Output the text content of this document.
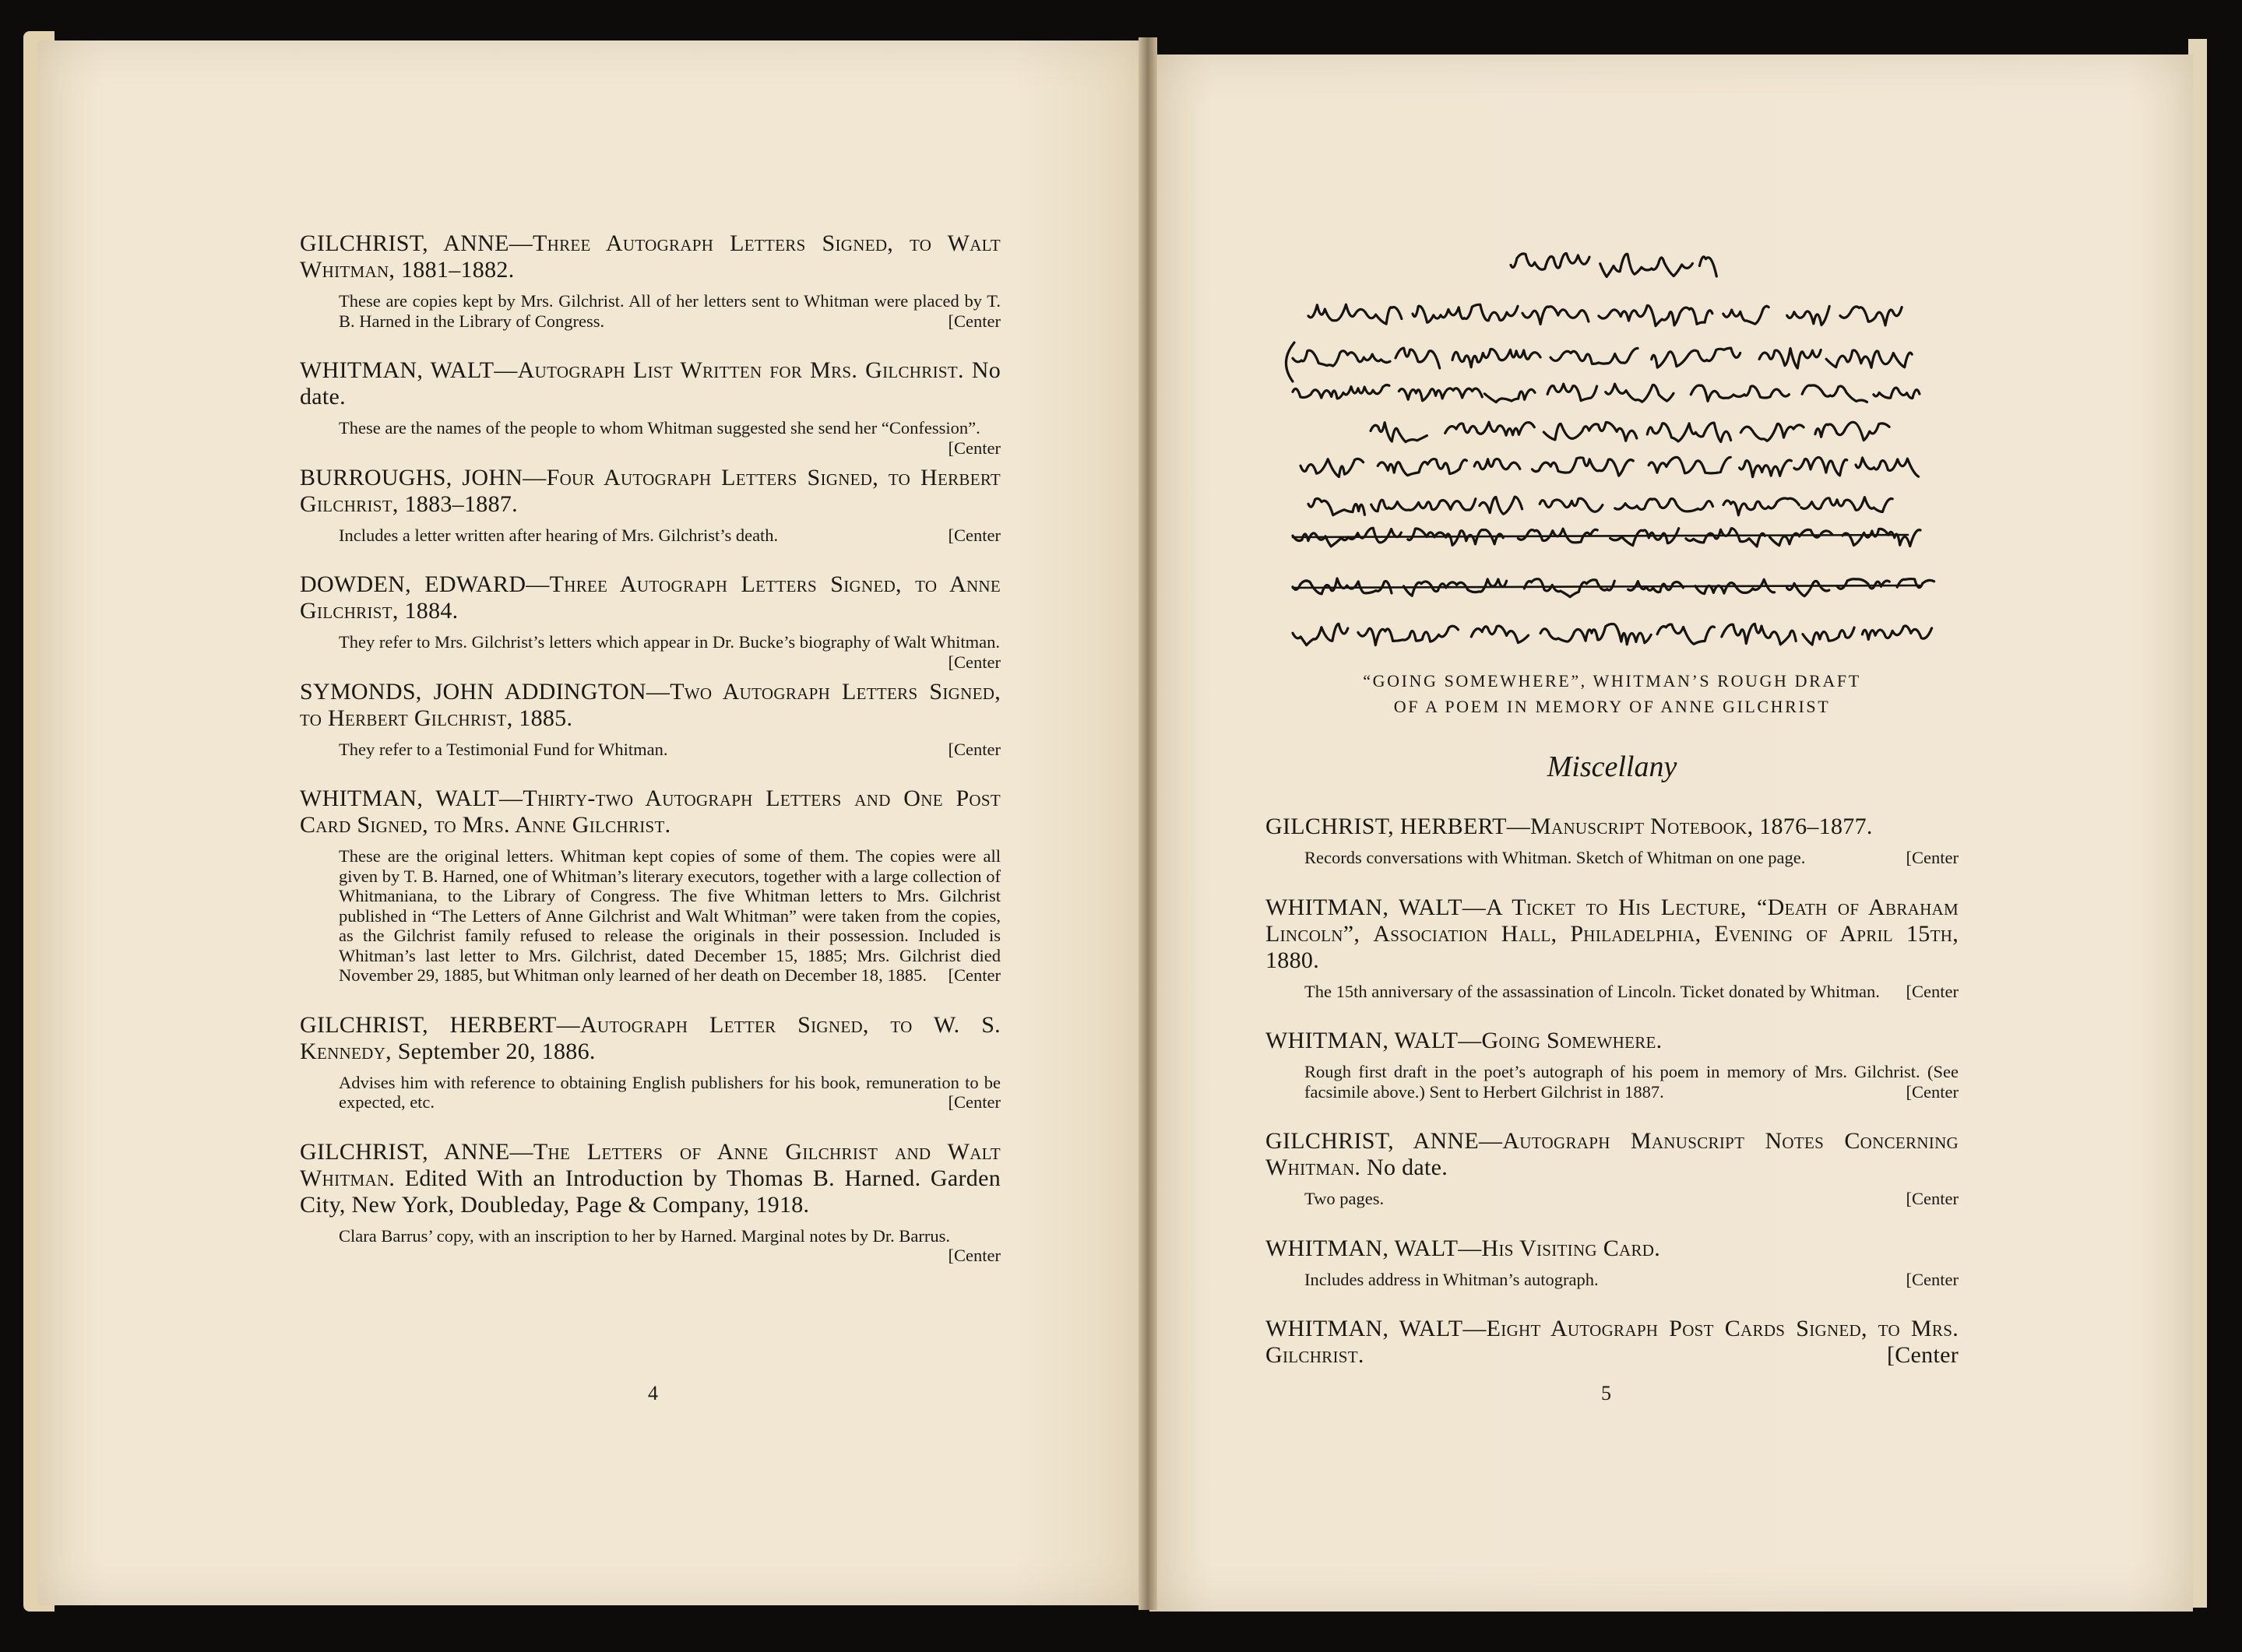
GILCHRIST, ANNE—Three Autograph Letters Signed, to Walt Whitman, 1881–1882.

These are copies kept by Mrs. Gilchrist. All of her letters sent to Whitman were placed by T. B. Harned in the Library of Congress.	[Center

WHITMAN, WALT—Autograph List Written for Mrs. Gilchrist. No date.

These are the names of the people to whom Whitman suggested she send her “Confession”.
[Center

BURROUGHS, JOHN—Four Autograph Letters Signed, to Herbert Gilchrist, 1883–1887.

Includes a letter written after hearing of Mrs. Gilchrist’s death.	[Center

DOWDEN, EDWARD—Three Autograph Letters Signed, to Anne Gilchrist, 1884.

They refer to Mrs. Gilchrist’s letters which appear in Dr. Bucke’s biography of Walt Whitman.
[Center

SYMONDS, JOHN ADDINGTON—Two Autograph Letters Signed, to Herbert Gilchrist, 1885.

They refer to a Testimonial Fund for Whitman.	[Center

WHITMAN, WALT—Thirty-two Autograph Letters and One Post Card Signed, to Mrs. Anne Gilchrist.

These are the original letters. Whitman kept copies of some of them. The copies were all given by T. B. Harned, one of Whitman’s literary executors, together with a large collection of Whitmaniana, to the Library of Congress. The five Whitman letters to Mrs. Gilchrist published in “The Letters of Anne Gilchrist and Walt Whitman” were taken from the copies, as the Gilchrist family refused to release the originals in their possession. Included is Whitman’s last letter to Mrs. Gilchrist, dated December 15, 1885; Mrs. Gilchrist died November 29, 1885, but Whitman only learned of her death on December 18, 1885.	[Center

GILCHRIST, HERBERT—Autograph Letter Signed, to W. S. Kennedy, September 20, 1886.

Advises him with reference to obtaining English publishers for his book, remuneration to be expected, etc.	[Center

GILCHRIST, ANNE—The Letters of Anne Gilchrist and Walt Whitman. Edited With an Introduction by Thomas B. Harned. Garden City, New York, Doubleday, Page & Company, 1918.

Clara Barrus’ copy, with an inscription to her by Harned. Marginal notes by Dr. Barrus.
[Center

4
“GOING SOMEWHERE”, WHITMAN’S ROUGH DRAFT
OF A POEM IN MEMORY OF ANNE GILCHRIST
Miscellany

GILCHRIST, HERBERT—Manuscript Notebook, 1876–1877.

Records conversations with Whitman. Sketch of Whitman on one page.	[Center

WHITMAN, WALT—A Ticket to His Lecture, “Death of Abraham Lincoln”, Association Hall, Philadelphia, Evening of April 15th, 1880.

The 15th anniversary of the assassination of Lincoln. Ticket donated by Whitman.	[Center

WHITMAN, WALT—Going Somewhere.

Rough first draft in the poet’s autograph of his poem in memory of Mrs. Gilchrist. (See facsimile above.) Sent to Herbert Gilchrist in 1887.	[Center

GILCHRIST, ANNE—Autograph Manuscript Notes Concerning Whitman. No date.

Two pages.	[Center

WHITMAN, WALT—His Visiting Card.

Includes address in Whitman’s autograph.	[Center

WHITMAN, WALT—Eight Autograph Post Cards Signed, to Mrs. Gilchrist.	[Center

5
